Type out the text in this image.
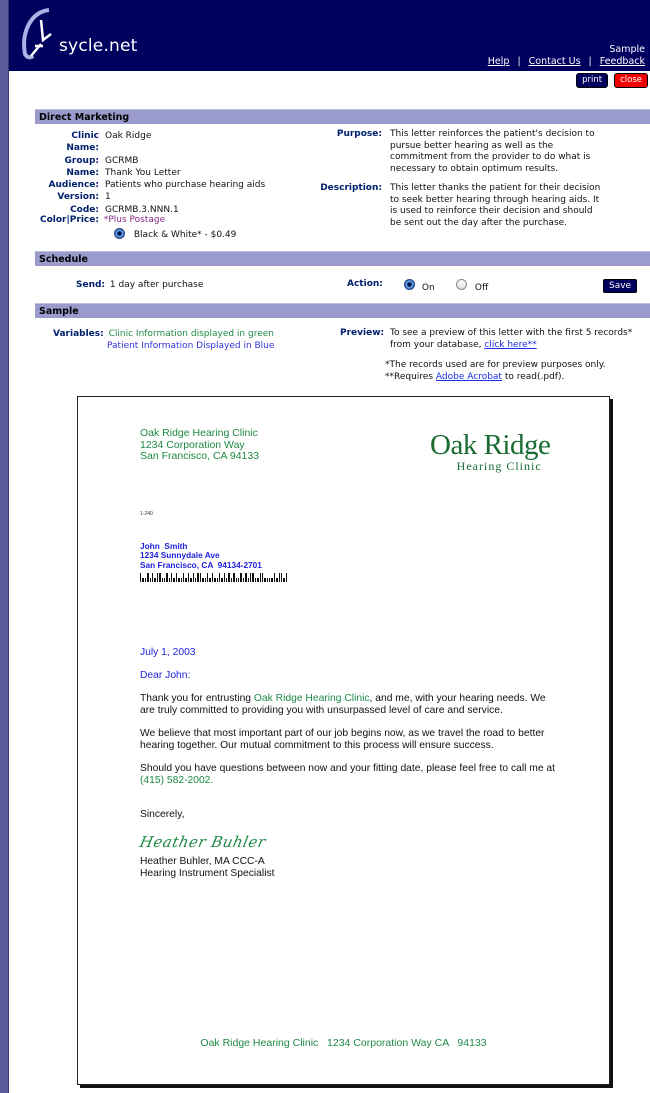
sycle.net	Sample
Help | Contact Us | Feedback
print	close
Direct Marketing
Clinic Name:
Oak Ridge
Group: GCRMB
Name: Thank You Letter
Audience: Patients who purchase hearing aids
Version: 1
Code: GCRMB.3.NNN.1
Color|Price: *Plus Postage
Black & White* - $0.49
Purpose: This letter reinforces the patient's decision to pursue better hearing as well as the commitment from the provider to do what is necessary to obtain optimum results.
Description: This letter thanks the patient for their decision to seek better hearing through hearing aids. It is used to reinforce their decision and should be sent out the day after the purchase.
Schedule
Send: 1 day after purchase	Action:	On	Off	Save
Sample
Variables: Clinic Information displayed in green
Patient Information Displayed in Blue
Preview: To see a preview of this letter with the first 5 records* from your database, click here**
*The records used are for preview purposes only.
**Requires Adobe Acrobat to read(.pdf).
Oak Ridge Hearing Clinic
1234 Corporation Way
San Francisco, CA 94133	Oak Ridge
Hearing Clinic
1-240
John  Smith
1234 Sunnydale Ave
San Francisco, CA  94134-2701
July 1, 2003
Dear John:
Thank you for entrusting Oak Ridge Hearing Clinic, and me, with your hearing needs. We are truly committed to providing you with unsurpassed level of care and service.
We believe that most important part of our job begins now, as we travel the road to better hearing together. Our mutual commitment to this process will ensure success.
Should you have questions between now and your fitting date, please feel free to call me at (415) 582-2002.
Sincerely,
Heather Buhler
Heather Buhler, MA CCC-A
Hearing Instrument Specialist
Oak Ridge Hearing Clinic   1234 Corporation Way CA   94133
